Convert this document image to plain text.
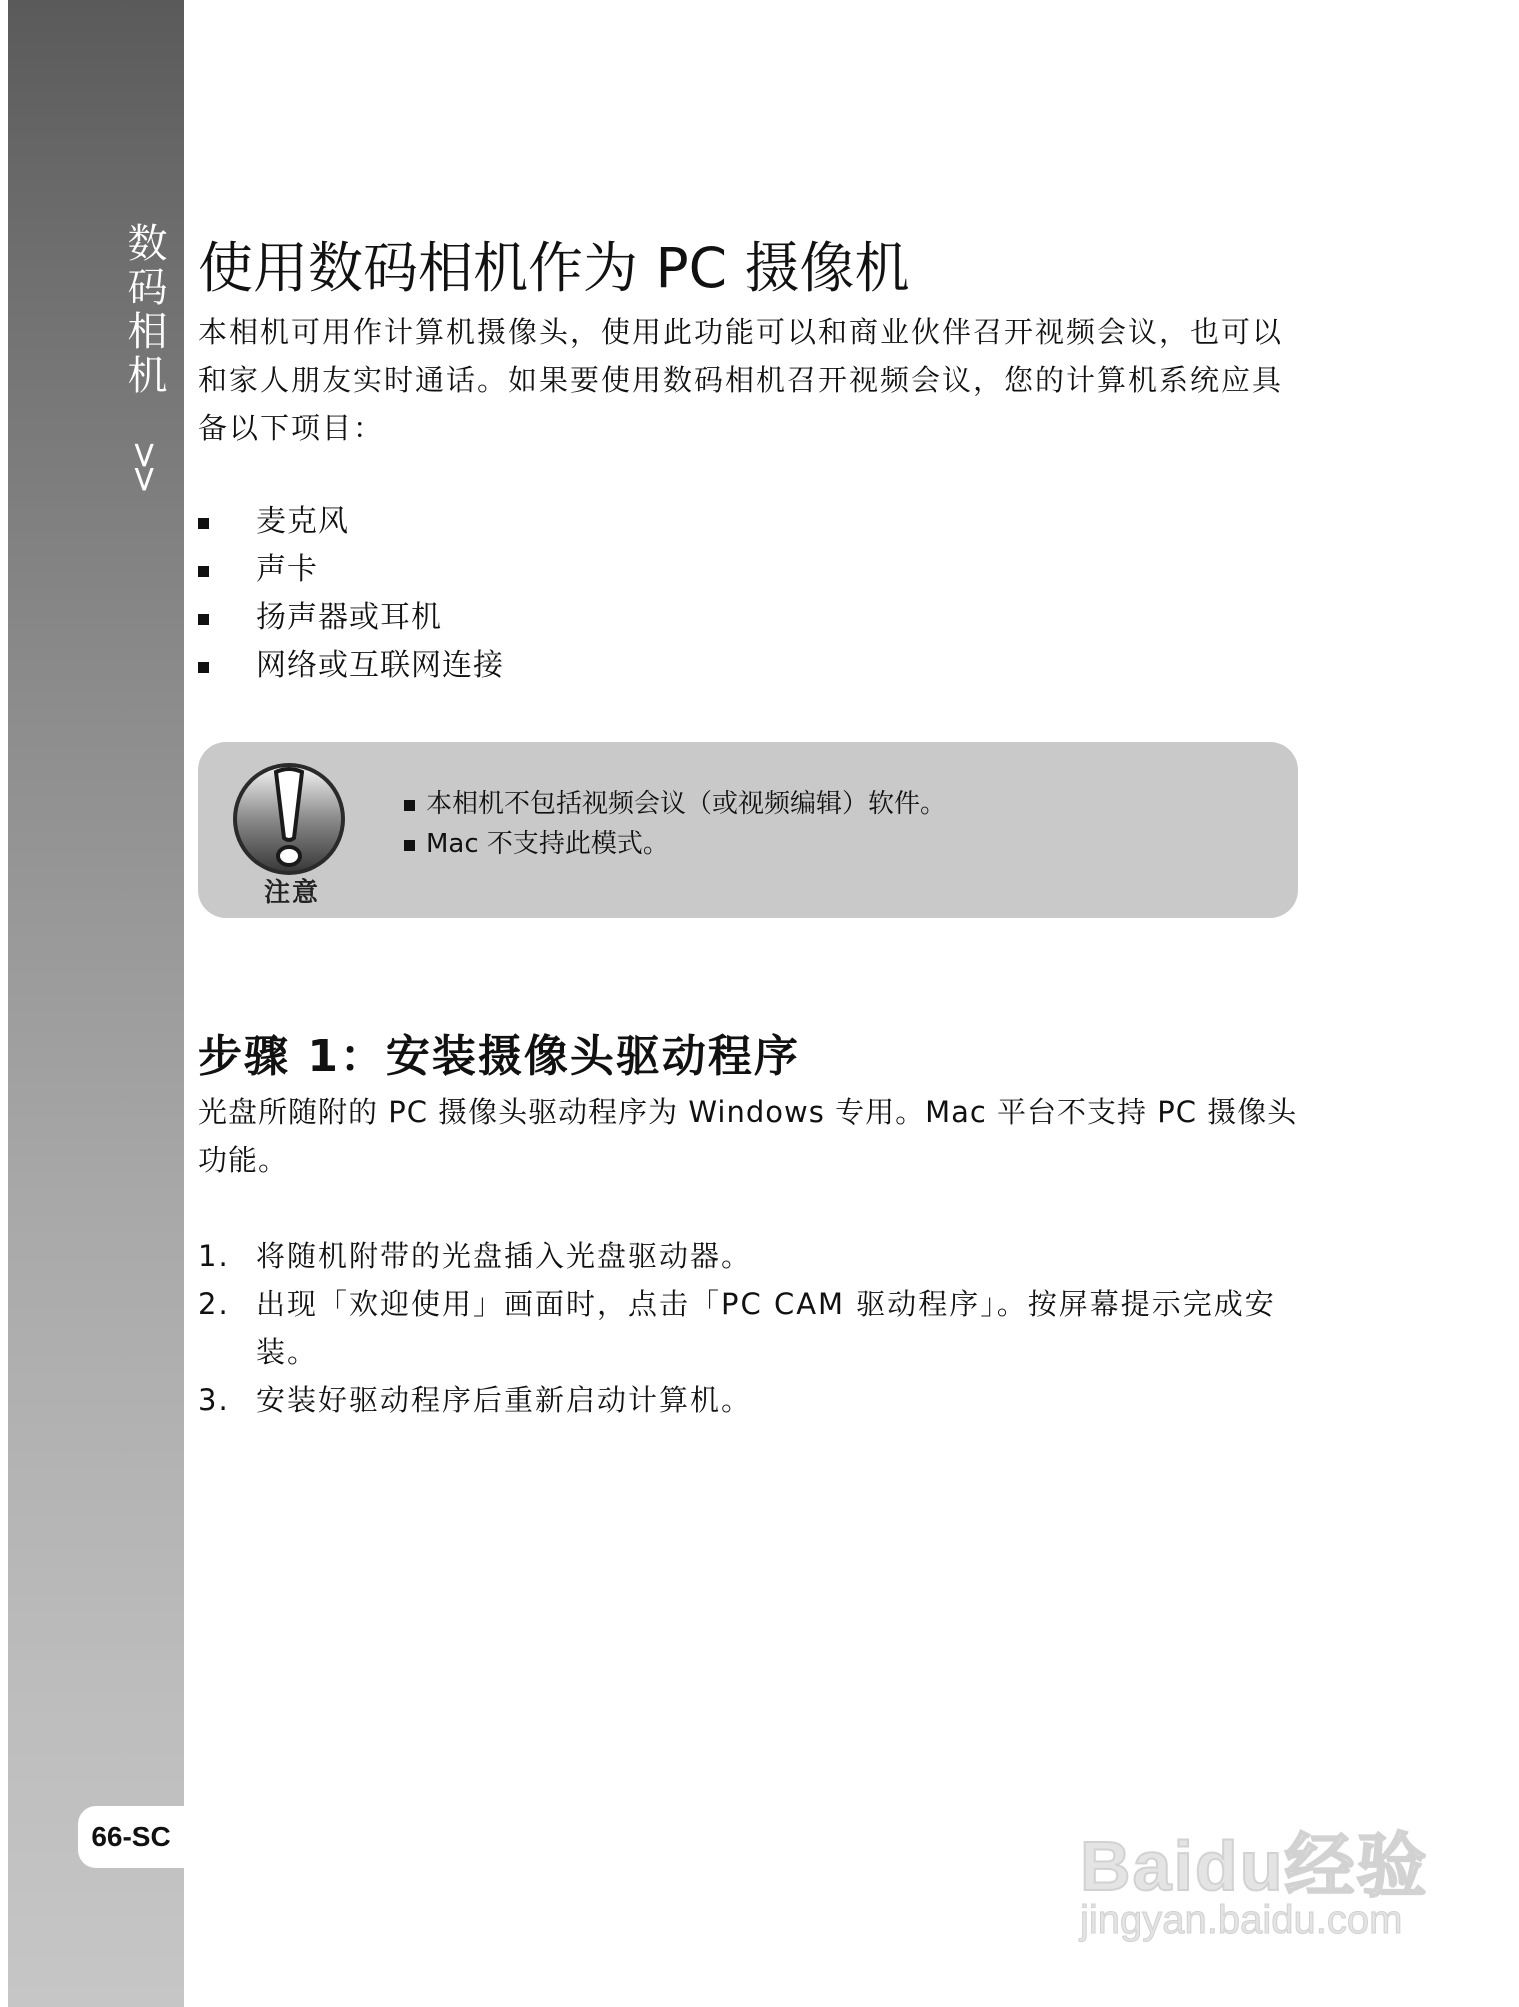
数码相机
>>
66-SC
使用数码相机作为 PC 摄像机

本相机可用作计算机摄像头，使用此功能可以和商业伙伴召开视频会议，也可以和家人朋友实时通话。如果要使用数码相机召开视频会议，您的计算机系统应具备以下项目：

麦克风
声卡
扬声器或耳机
网络或互联网连接
注意
本相机不包括视频会议（或视频编辑）软件。
Mac 不支持此模式。
步骤 1：安装摄像头驱动程序

光盘所随附的 PC 摄像头驱动程序为 Windows 专用。Mac 平台不支持 PC 摄像头功能。

1. 将随机附带的光盘插入光盘驱动器。
2. 出现「欢迎使用」画面时，点击「PC CAM 驱动程序」。按屏幕提示完成安装。
3. 安装好驱动程序后重新启动计算机。
Baidu经验
jingyan.baidu.com
